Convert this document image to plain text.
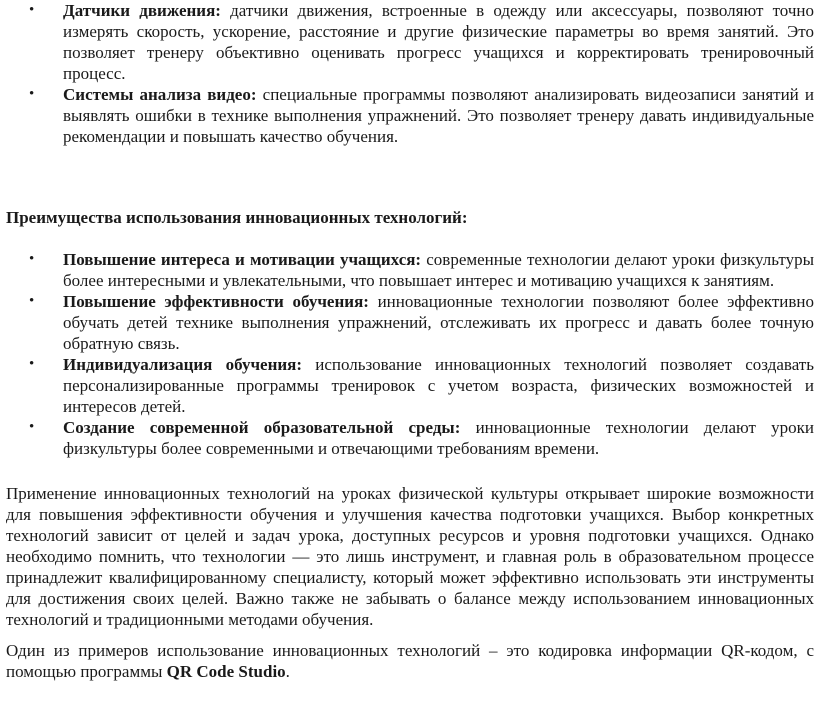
• Датчики движения: датчики движения, встроенные в одежду или аксессуары, позволяют точно измерять скорость, ускорение, расстояние и другие физические параметры во время занятий. Это позволяет тренеру объективно оценивать прогресс учащихся и корректировать тренировочный процесс.
• Системы анализа видео: специальные программы позволяют анализировать видеозаписи занятий и выявлять ошибки в технике выполнения упражнений. Это позволяет тренеру давать индивидуальные рекомендации и повышать качество обучения.

Преимущества использования инновационных технологий:

• Повышение интереса и мотивации учащихся: современные технологии делают уроки физкультуры более интересными и увлекательными, что повышает интерес и мотивацию учащихся к занятиям.
• Повышение эффективности обучения: инновационные технологии позволяют более эффективно обучать детей технике выполнения упражнений, отслеживать их прогресс и давать более точную обратную связь.
• Индивидуализация обучения: использование инновационных технологий позволяет создавать персонализированные программы тренировок с учетом возраста, физических возможностей и интересов детей.
• Создание современной образовательной среды: инновационные технологии делают уроки физкультуры более современными и отвечающими требованиям времени.

Применение инновационных технологий на уроках физической культуры открывает широкие возможности для повышения эффективности обучения и улучшения качества подготовки учащихся. Выбор конкретных технологий зависит от целей и задач урока, доступных ресурсов и уровня подготовки учащихся. Однако необходимо помнить, что технологии — это лишь инструмент, и главная роль в образовательном процессе принадлежит квалифицированному специалисту, который может эффективно использовать эти инструменты для достижения своих целей. Важно также не забывать о балансе между использованием инновационных технологий и традиционными методами обучения.

Один из примеров использование инновационных технологий – это кодировка информации QR-кодом, с помощью программы QR Code Studio.
